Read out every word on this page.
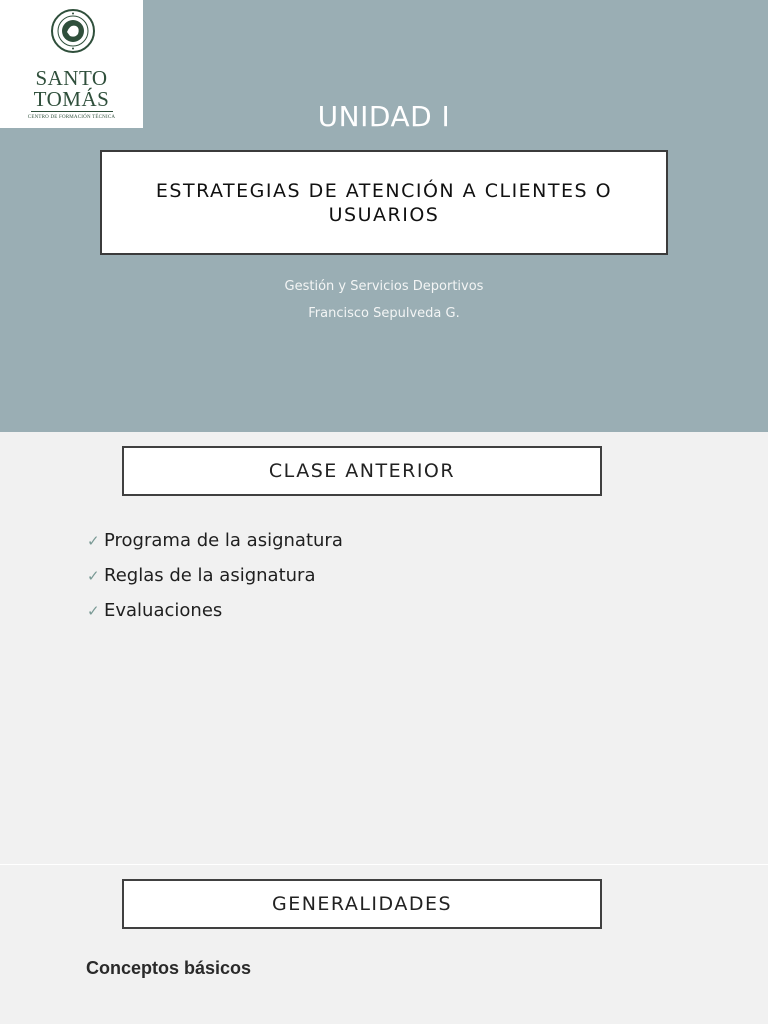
SANTO
TOMÁS
CENTRO DE FORMACIÓN TÉCNICA	UNIDAD I
ESTRATEGIAS DE ATENCIÓN A CLIENTES O USUARIOS
Gestión y Servicios Deportivos
Francisco Sepulveda G.
CLASE ANTERIOR
✓ Programa de la asignatura
✓ Reglas de la asignatura
✓ Evaluaciones
GENERALIDADES
Conceptos básicos
